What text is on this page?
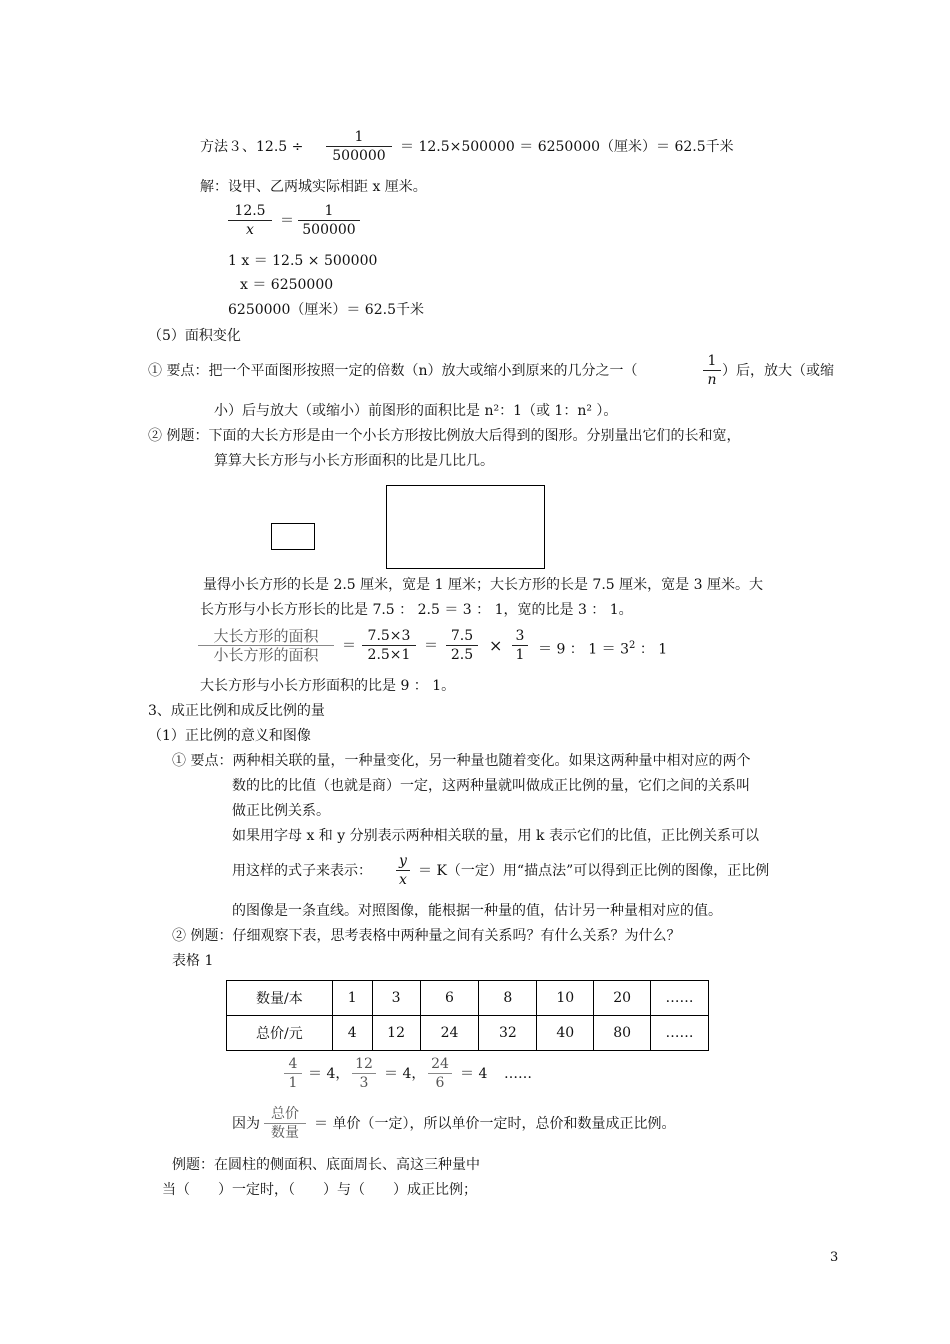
方法３、12.5 ÷
1
500000
＝ 12.5×500000 ＝ 6250000（厘米）＝ 62.5千米
解：设甲、乙两城实际相距 x 厘米。
12.5
x
＝
1
500000
1 x ＝ 12.5 × 500000
x ＝ 6250000
6250000（厘米）＝ 62.5千米
（5）面积变化
① 要点：把一个平面图形按照一定的倍数（n）放大或缩小到原来的几分之一（
1
n
）后，放大（或缩
小）后与放大（或缩小）前图形的面积比是 n²：1（或 1：n² ）。
② 例题：下面的大长方形是由一个小长方形按比例放大后得到的图形。分别量出它们的长和宽，
算算大长方形与小长方形面积的比是几比几。
量得小长方形的长是 2.5 厘米，宽是 1 厘米；大长方形的长是 7.5 厘米，宽是 3 厘米。大
长方形与小长方形长的比是 7.5 ： 2.5 ＝ 3 ： 1，宽的比是 3 ： 1。
大长方形的面积
小长方形的面积	＝
7.5×3
2.5×1
＝
7.5
2.5 × 3
1 ＝ 9 ： $1 = 3^2$ ： 1
大长方形与小长方形面积的比是 9 ： 1。
3、成正比例和成反比例的量
（1）正比例的意义和图像
① 要点：两种相关联的量，一种量变化，另一种量也随着变化。如果这两种量中相对应的两个
数的比的比值（也就是商）一定，这两种量就叫做成正比例的量，它们之间的关系叫
做正比例关系。
如果用字母 x 和 y 分别表示两种相关联的量，用 k 表示它们的比值，正比例关系可以
用这样的式子来表示：
y
x
＝ K（一定）用“描点法”可以得到正比例的图像，正比例
的图像是一条直线。对照图像，能根据一种量的值，估计另一种量相对应的值。
② 例题：仔细观察下表，思考表格中两种量之间有关系吗？有什么关系？为什么？
表格 1
数量/本	1	3	6	8	10	20	……
总价/元	4	12	24	32	40	80	……
4
1
＝ 4，
12
3
＝ 4，
24
6
＝ 4 ……
因为
总价
数量
＝ 单价（一定），所以单价一定时，总价和数量成正比例。
例题：在圆柱的侧面积、底面周长、高这三种量中
当（　　）一定时，（　　）与（　　）成正比例；
3
